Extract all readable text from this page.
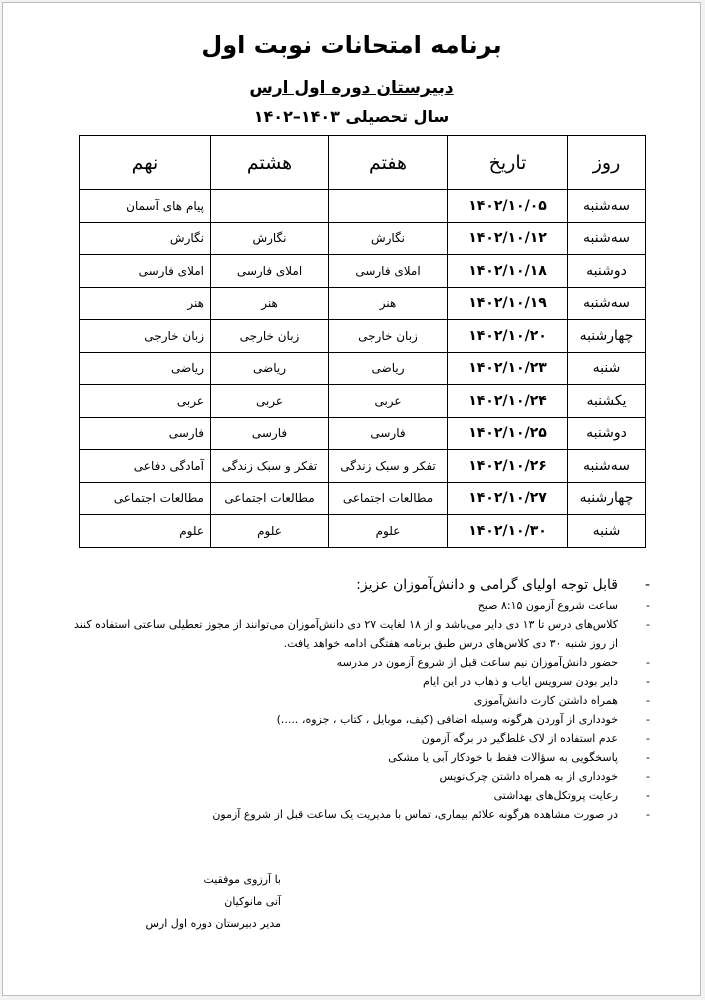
برنامه امتحانات نوبت اول
دبیرستان دوره اول ارس
سال تحصیلی ۱۴۰۳–۱۴۰۲
روز	تاریخ	هفتم	هشتم	نهم
سه‌شنبه	۱۴۰۲/۱۰/۰۵			پیام های آسمان
سه‌شنبه	۱۴۰۲/۱۰/۱۲	نگارش	نگارش	نگارش
دوشنبه	۱۴۰۲/۱۰/۱۸	املای فارسی	املای فارسی	املای فارسی
سه‌شنبه	۱۴۰۲/۱۰/۱۹	هنر	هنر	هنر
چهارشنبه	۱۴۰۲/۱۰/۲۰	زبان خارجی	زبان خارجی	زبان خارجی
شنبه	۱۴۰۲/۱۰/۲۳	ریاضی	ریاضی	ریاضی
یکشنبه	۱۴۰۲/۱۰/۲۴	عربی	عربی	عربی
دوشنبه	۱۴۰۲/۱۰/۲۵	فارسی	فارسی	فارسی
سه‌شنبه	۱۴۰۲/۱۰/۲۶	تفکر و سبک زندگی	تفکر و سبک زندگی	آمادگی دفاعی
چهارشنبه	۱۴۰۲/۱۰/۲۷	مطالعات اجتماعی	مطالعات اجتماعی	مطالعات اجتماعی
شنبه	۱۴۰۲/۱۰/۳۰	علوم	علوم	علوم
-
قابل توجه اولیای گرامی و دانش‌آموزان عزیز:
-
ساعت شروع آزمون ۸:۱۵ صبح
-
کلاس‌های درس تا ۱۳ دی دایر می‌باشد و از ۱۸ لغایت ۲۷ دی دانش‌آموزان می‌توانند از مجوز تعطیلی ساعتی استفاده کنند
از روز شنبه ۳۰ دی کلاس‌های درس طبق برنامه هفتگی ادامه خواهد یافت.
-
حضور دانش‌آموزان نیم ساعت قبل از شروع آزمون در مدرسه
-
دایر بودن سرویس ایاب و ذهاب در این ایام
-
همراه داشتن کارت دانش‌آموزی
-
خودداری از آوردن هرگونه وسیله اضافی (کیف، موبایل ، کتاب ، جزوه، .....)
-
عدم استفاده از لاک غلط‌گیر در برگه آزمون
-
پاسخگویی به سؤالات فقط با خودکار آبی یا مشکی
-
خودداری از به همراه داشتن چرک‌نویس
-
رعایت پروتکل‌های بهداشتی
-
در صورت مشاهده هرگونه علائم بیماری، تماس با مدیریت یک ساعت قبل از شروع آزمون
با آرزوی موفقیت
آنی مانوکیان
مدیر دبیرستان دوره اول ارس
